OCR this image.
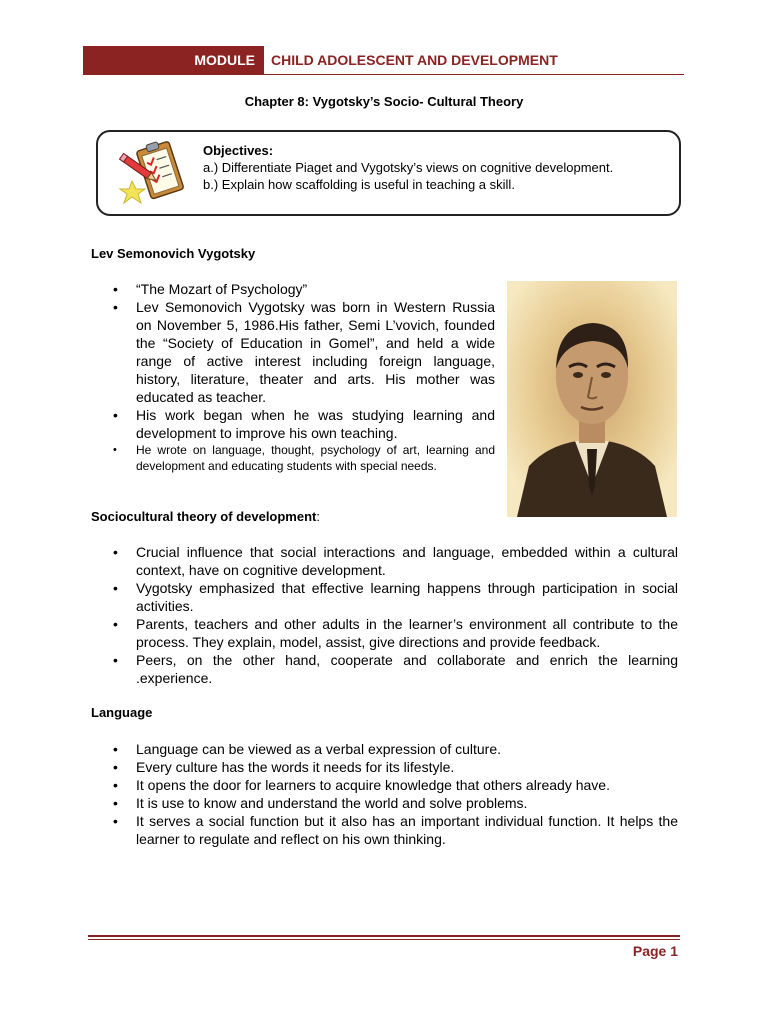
MODULE	CHILD ADOLESCENT AND DEVELOPMENT
Chapter 8: Vygotsky’s Socio- Cultural Theory
Objectives:
a.) Differentiate Piaget and Vygotsky’s views on cognitive development.
b.) Explain how scaffolding is useful in teaching a skill.
Lev Semonovich Vygotsky
• “The Mozart of Psychology”
• Lev Semonovich Vygotsky was born in Western Russia on November 5, 1986.His father, Semi L’vovich, founded the “Society of Education in Gomel”, and held a wide range of active interest including foreign language, history, literature, theater and arts. His mother was educated as teacher.
• His work began when he was studying learning and development to improve his own teaching.
• He wrote on language, thought, psychology of art, learning and development and educating students with special needs.
Sociocultural theory of development:
• Crucial influence that social interactions and language, embedded within a cultural context, have on cognitive development.
• Vygotsky emphasized that effective learning happens through participation in social activities.
• Parents, teachers and other adults in the learner’s environment all contribute to the process. They explain, model, assist, give directions and provide feedback.
• Peers, on the other hand, cooperate and collaborate and enrich the learning .experience.
Language
• Language can be viewed as a verbal expression of culture.
• Every culture has the words it needs for its lifestyle.
• It opens the door for learners to acquire knowledge that others already have.
• It is use to know and understand the world and solve problems.
• It serves a social function but it also has an important individual function. It helps the learner to regulate and reflect on his own thinking.
Page 1
